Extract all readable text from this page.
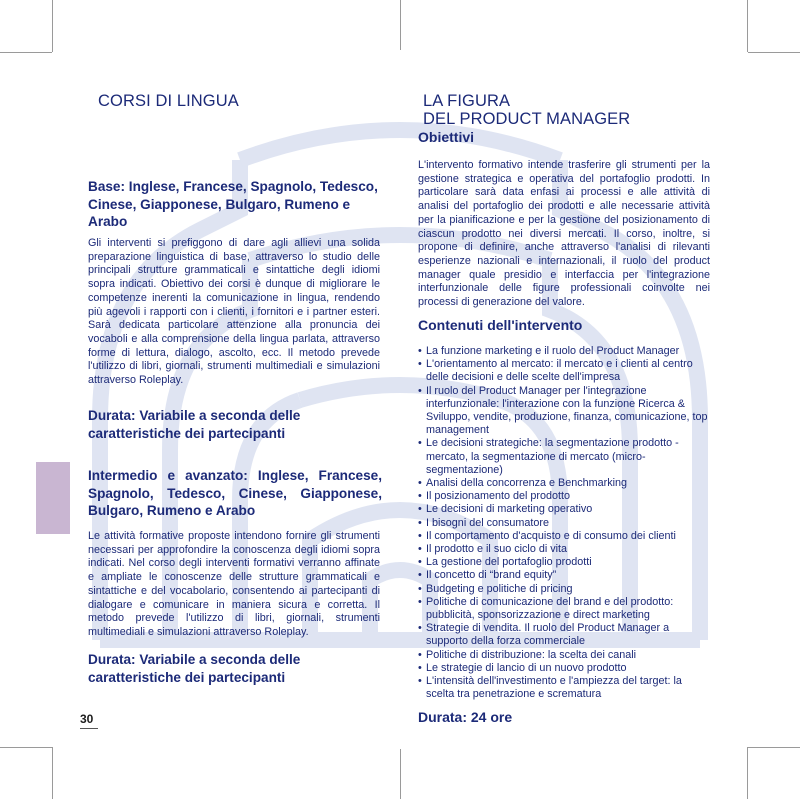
CORSI DI LINGUA
Base: Inglese, Francese, Spagnolo, Tedesco, Cinese, Giapponese, Bulgaro, Rumeno e Arabo
Gli interventi si prefiggono di dare agli allievi una solida preparazione linguistica di base, attraverso lo studio delle principali strutture grammaticali e sintattiche degli idiomi sopra indicati. Obiettivo dei corsi è dunque di migliorare le competenze inerenti la comunicazione in lingua, rendendo più agevoli i rapporti con i clienti, i fornitori e i partner esteri. Sarà dedicata particolare attenzione alla pronuncia dei vocaboli e alla comprensione della lingua parlata, attraverso forme di lettura, dialogo, ascolto, ecc. Il metodo prevede l'utilizzo di libri, giornali, strumenti multimediali e simulazioni attraverso Roleplay.
Durata: Variabile a seconda delle caratteristiche dei partecipanti
Intermedio e avanzato: Inglese, Francese, Spagnolo, Tedesco, Cinese, Giapponese, Bulgaro, Rumeno e Arabo
Le attività formative proposte intendono fornire gli strumenti necessari per approfondire la conoscenza degli idiomi sopra indicati. Nel corso degli interventi formativi verranno affinate e ampliate le conoscenze delle strutture grammaticali e sintattiche e del vocabolario, consentendo ai partecipanti di dialogare e comunicare in maniera sicura e corretta. Il metodo prevede l'utilizzo di libri, giornali, strumenti multimediali e simulazioni attraverso Roleplay.
Durata: Variabile a seconda delle caratteristiche dei partecipanti
30
LA FIGURA
DEL PRODUCT MANAGER
Obiettivi
L'intervento formativo intende trasferire gli strumenti per la gestione strategica e operativa del portafoglio prodotti. In particolare sarà data enfasi ai processi e alle attività di analisi del portafoglio dei prodotti e alle necessarie attività per la pianificazione e per la gestione del posizionamento di ciascun prodotto nei diversi mercati. Il corso, inoltre, si propone di definire, anche attraverso l'analisi di rilevanti esperienze nazionali e internazionali, il ruolo del product manager quale presidio e interfaccia per l'integrazione interfunzionale delle figure professionali coinvolte nei processi di generazione del valore.
Contenuti dell'intervento
• La funzione marketing e il ruolo del Product Manager
• L'orientamento al mercato: il mercato e i clienti al centro delle decisioni e delle scelte dell'impresa
• Il ruolo del Product Manager per l'integrazione interfunzionale: l'interazione con la funzione Ricerca & Sviluppo, vendite, produzione, finanza, comunicazione, top management
• Le decisioni strategiche: la segmentazione prodotto - mercato, la segmentazione di mercato (micro-segmentazione)
• Analisi della concorrenza e Benchmarking
• Il posizionamento del prodotto
• Le decisioni di marketing operativo
• I bisogni del consumatore
• Il comportamento d'acquisto e di consumo dei clienti
• Il prodotto e il suo ciclo di vita
• La gestione del portafoglio prodotti
• Il concetto di “brand equity”
• Budgeting e politiche di pricing
• Politiche di comunicazione del brand e del prodotto: pubblicità, sponsorizzazione e direct marketing
• Strategie di vendita. Il ruolo del Product Manager a supporto della forza commerciale
• Politiche di distribuzione: la scelta dei canali
• Le strategie di lancio di un nuovo prodotto
• L'intensità dell'investimento e l'ampiezza del target: la scelta tra penetrazione e scrematura
Durata: 24 ore
